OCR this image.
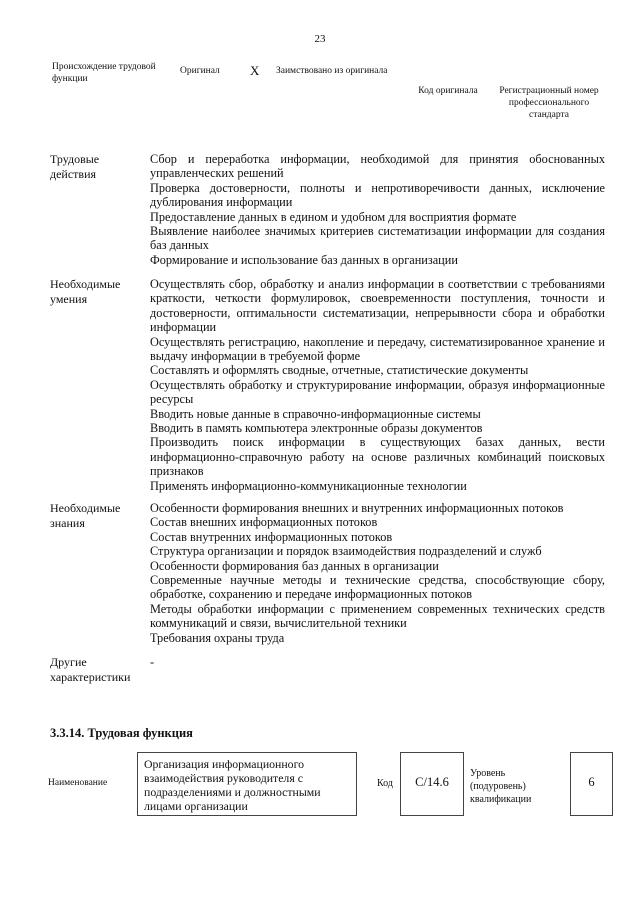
23
Происхождение трудовой функции
Оригинал X Заимствовано из оригинала
Код оригинала	Регистрационный номер профессионального стандарта
Трудовые действия
Сбор и переработка информации, необходимой для принятия обоснованных управленческих решений
Проверка достоверности, полноты и непротиворечивости данных, исключение дублирования информации
Предоставление данных в едином и удобном для восприятия формате
Выявление наиболее значимых критериев систематизации информации для создания баз данных
Формирование и использование баз данных в организации
Необходимые умения
Осуществлять сбор, обработку и анализ информации в соответствии с требованиями краткости, четкости формулировок, своевременности поступления, точности и достоверности, оптимальности систематизации, непрерывности сбора и обработки информации
Осуществлять регистрацию, накопление и передачу, систематизированное хранение и выдачу информации в требуемой форме
Составлять и оформлять сводные, отчетные, статистические документы
Осуществлять обработку и структурирование информации, образуя информационные ресурсы
Вводить новые данные в справочно-информационные системы
Вводить в память компьютера электронные образы документов
Производить поиск информации в существующих базах данных, вести информационно-справочную работу на основе различных комбинаций поисковых признаков
Применять информационно-коммуникационные технологии
Необходимые знания
Особенности формирования внешних и внутренних информационных потоков
Состав внешних информационных потоков
Состав внутренних информационных потоков
Структура организации и порядок взаимодействия подразделений и служб
Особенности формирования баз данных в организации
Современные научные методы и технические средства, способствующие сбору, обработке, сохранению и передаче информационных потоков
Методы обработки информации с применением современных технических средств коммуникаций и связи, вычислительной техники
Требования охраны труда
Другие характеристики
-
3.3.14. Трудовая функция
Наименование
Организация информационного взаимодействия руководителя с подразделениями и должностными лицами организации
Код	C/14.6
Уровень (подуровень) квалификации
6
